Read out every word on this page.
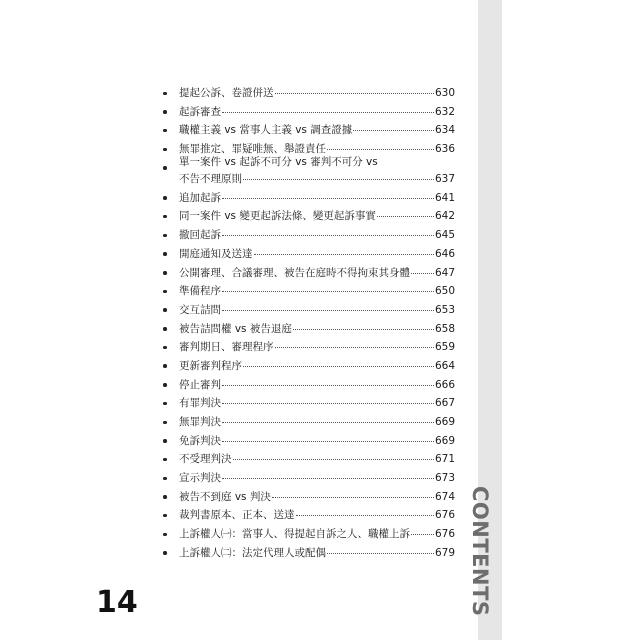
CONTENTS
提起公訴、卷證併送	630
起訴審查	632
職權主義 vs 當事人主義 vs 調查證據	634
無罪推定、罪疑唯無、舉證責任	636
單一案件 vs 起訴不可分 vs 審判不可分 vs
不告不理原則	637
追加起訴	641
同一案件 vs 變更起訴法條、變更起訴事實	642
撤回起訴	645
開庭通知及送達	646
公開審理、合議審理、被告在庭時不得拘束其身體 647
準備程序	650
交互詰問	653
被告詰問權 vs 被告退庭	658
審判期日、審理程序	659
更新審判程序	664
停止審判	666
有罪判決	667
無罪判決	669
免訴判決	669
不受理判決	671
宣示判決	673
被告不到庭 vs 判決	674
裁判書原本、正本、送達	676
上訴權人㈠：當事人、得提起自訴之人、職權上訴 676
上訴權人㈡：法定代理人或配偶	679
14
